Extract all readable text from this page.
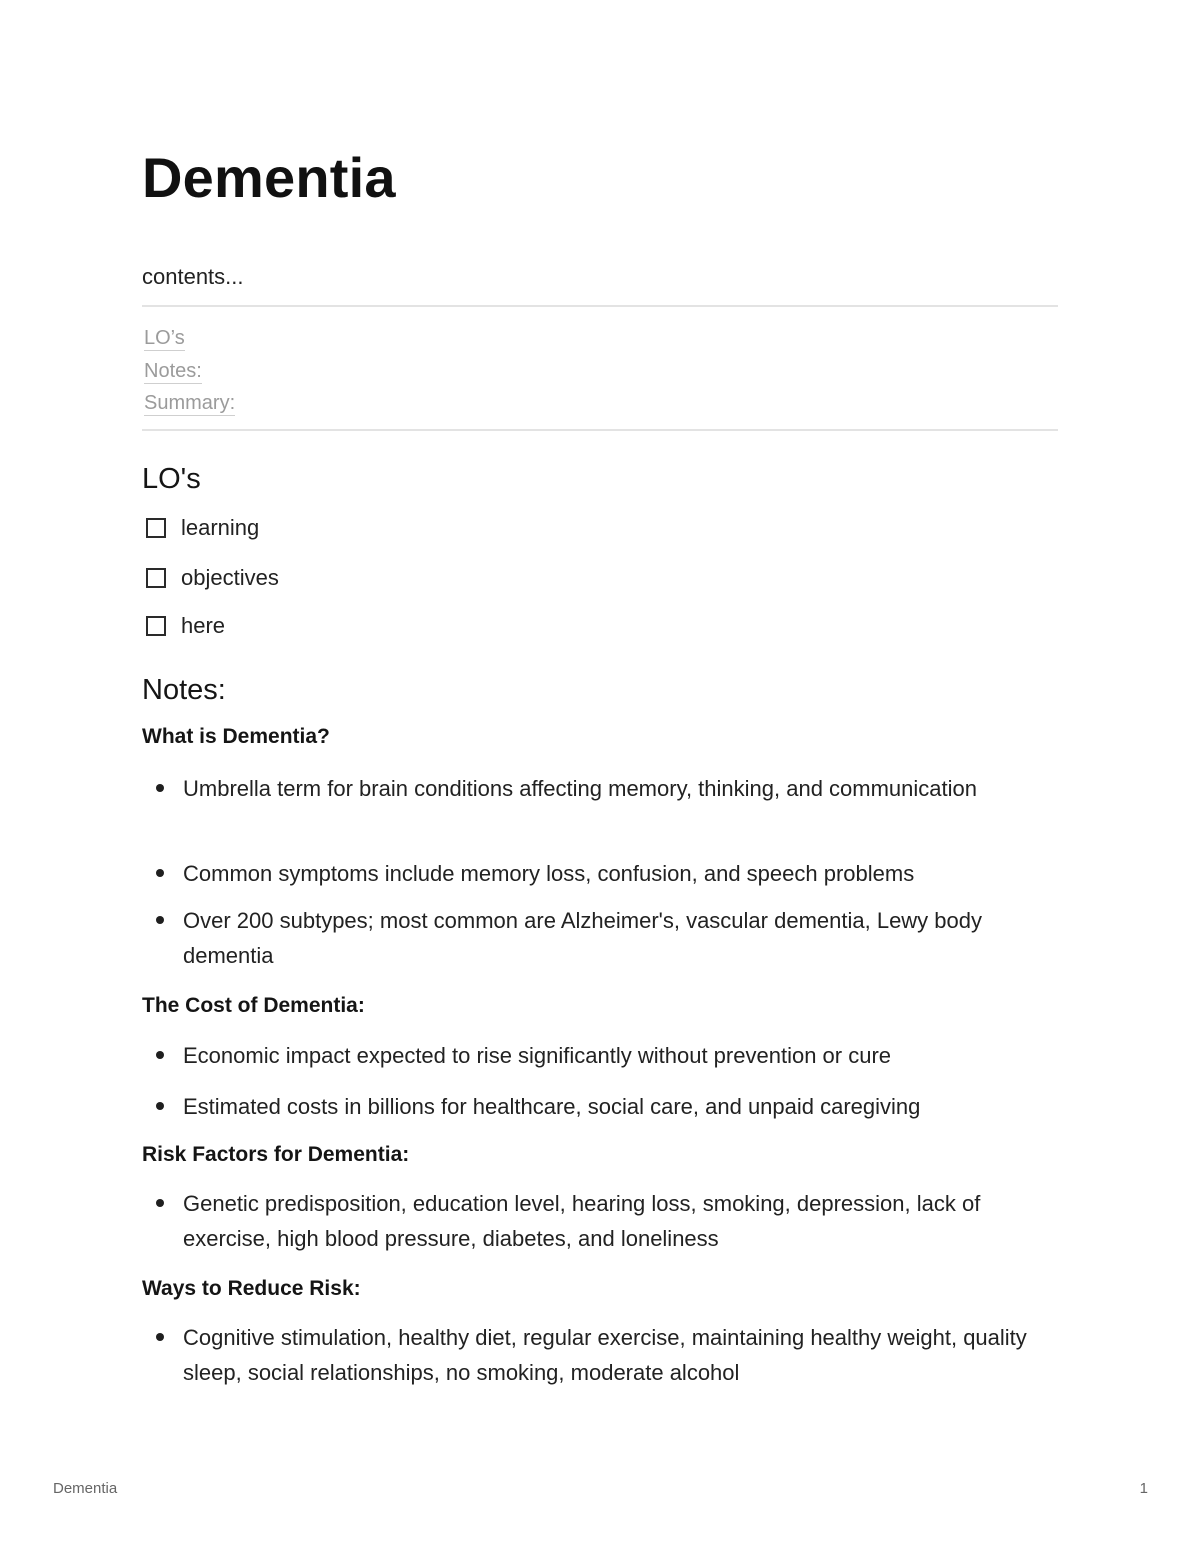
Dementia
contents...
LO’s
Notes:
Summary:
LO's
learning
objectives
here
Notes:
What is Dementia?
Umbrella term for brain conditions affecting memory, thinking, and communication
Common symptoms include memory loss, confusion, and speech problems
Over 200 subtypes; most common are Alzheimer's, vascular dementia, Lewy body dementia
The Cost of Dementia:
Economic impact expected to rise significantly without prevention or cure
Estimated costs in billions for healthcare, social care, and unpaid caregiving
Risk Factors for Dementia:
Genetic predisposition, education level, hearing loss, smoking, depression, lack of exercise, high blood pressure, diabetes, and loneliness
Ways to Reduce Risk:
Cognitive stimulation, healthy diet, regular exercise, maintaining healthy weight, quality sleep, social relationships, no smoking, moderate alcohol
Dementia	1
